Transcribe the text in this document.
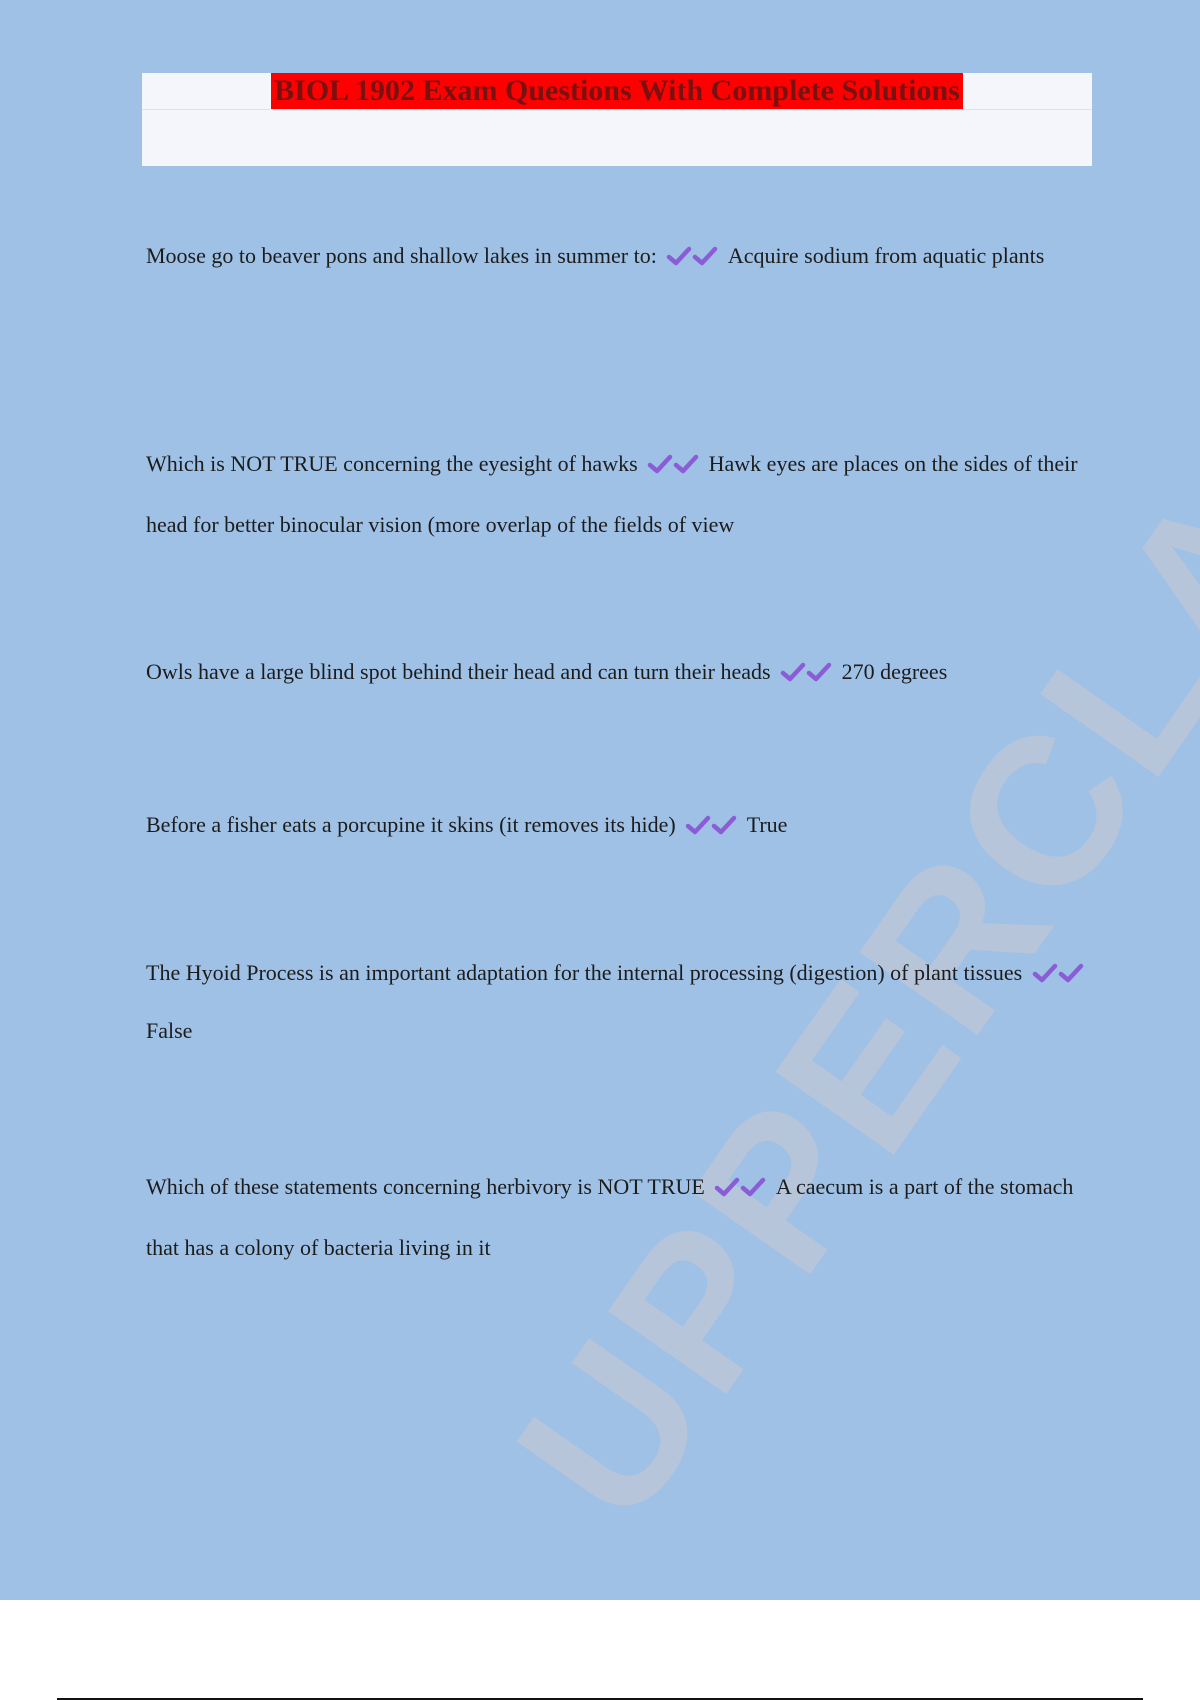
BIOL 1902 Exam Questions With Complete Solutions
Moose go to beaver pons and shallow lakes in summer to:	Acquire sodium from aquatic plants
Which is NOT TRUE concerning the eyesight of hawks	Hawk eyes are places on the sides of their head for better binocular vision (more overlap of the fields of view
Owls have a large blind spot behind their head and can turn their heads	270 degrees
Before a fisher eats a porcupine it skins (it removes its hide)	True
The Hyoid Process is an important adaptation for the internal processing (digestion) of plant tissues
False
Which of these statements concerning herbivory is NOT TRUE	A caecum is a part of the stomach that has a colony of bacteria living in it
